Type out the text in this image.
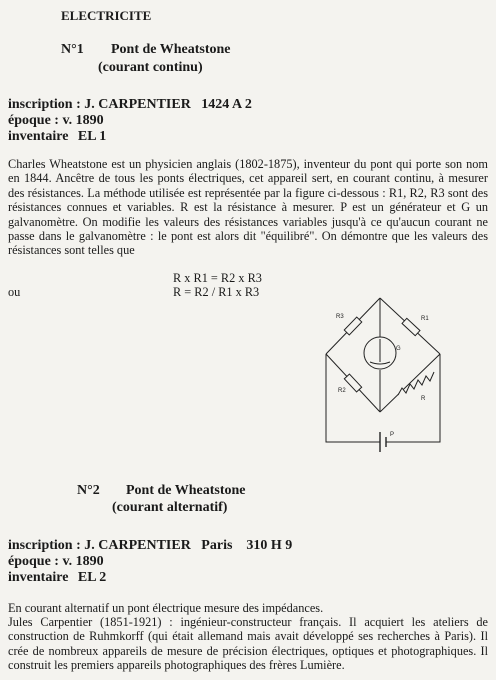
ELECTRICITE
N°1 Pont de Wheatstone
(courant continu)
inscription : J. CARPENTIER   1424 A 2
époque : v. 1890
inventaire EL 1
Charles Wheatstone est un physicien anglais (1802-1875), inventeur du pont qui porte son nom en 1844. Ancêtre de tous les ponts électriques, cet appareil sert, en courant continu, à mesurer des résistances. La méthode utilisée est représentée par la figure ci-dessous : R1, R2, R3 sont des résistances connues et variables. R est la résistance à mesurer. P est un générateur et G un galvanomètre. On modifie les valeurs des résistances variables jusqu'à ce qu'aucun courant ne passe dans le galvanomètre : le pont est alors dit "équilibré". On démontre que les valeurs des résistances sont telles que
R x R1 = R2 x R3
ou	R = R2 / R1 x R3
R3	R1
R2
G
R
P
N°2 Pont de Wheatstone
(courant alternatif)
inscription : J. CARPENTIER   Paris    310 H 9
époque : v. 1890
inventaire EL 2
En courant alternatif un pont électrique mesure des impédances.
Jules Carpentier (1851-1921) : ingénieur-constructeur français. Il acquiert les ateliers de construction de Ruhmkorff (qui était allemand mais avait développé ses recherches à Paris). Il crée de nombreux appareils de mesure de précision électriques, optiques et photographiques. Il construit les premiers appareils photographiques des frères Lumière.
